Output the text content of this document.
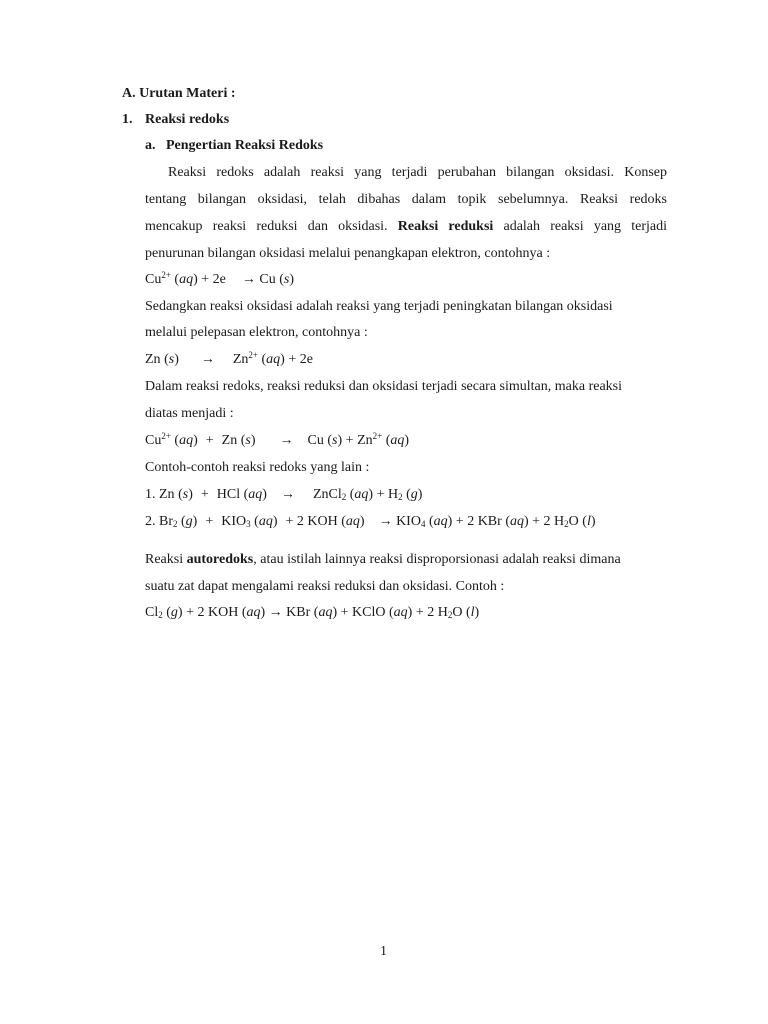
A. Urutan Materi :
1. Reaksi redoks
a. Pengertian Reaksi Redoks
Reaksi redoks adalah reaksi yang terjadi perubahan bilangan oksidasi. Konsep
tentang bilangan oksidasi, telah dibahas dalam topik sebelumnya. Reaksi redoks
mencakup reaksi reduksi dan oksidasi. Reaksi reduksi adalah reaksi yang terjadi
penurunan bilangan oksidasi melalui penangkapan elektron, contohnya :
$Cu^{2+}$ (aq) + 2e → Cu (s)
Sedangkan reaksi oksidasi adalah reaksi yang terjadi peningkatan bilangan oksidasi
melalui pelepasan elektron, contohnya :
Zn $(s) \to Zn^{2+}$ (aq) + 2e
Dalam reaksi redoks, reaksi reduksi dan oksidasi terjadi secara simultan, maka reaksi
diatas menjadi :
$Cu^{2+}$ (aq) + Zn (s) → Cu $(s) + Zn^{2+}$ (aq)
Contoh-contoh reaksi redoks yang lain :
1. Zn (s) + HCl (aq) → ZnCl$_2$ $(aq) + H_2$ (g)
2. $Br_2$ $(g) + KIO_3$ (aq) + 2 KOH $(aq) \to KIO_4$ (aq) + 2 KBr (aq) + 2 $H_2O$ (l)
Reaksi autoredoks, atau istilah lainnya reaksi disproporsionasi adalah reaksi dimana
suatu zat dapat mengalami reaksi reduksi dan oksidasi. Contoh :
$Cl_2$ (g) + 2 KOH (aq) → KBr (aq) + KClO (aq) + 2 $H_2O$ (l)
1
